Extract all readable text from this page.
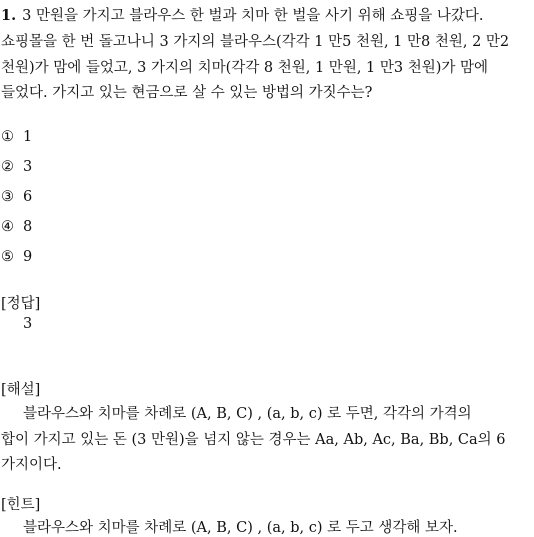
1. 3 만원을 가지고 블라우스 한 벌과 치마 한 벌을 사기 위해 쇼핑을 나갔다.
쇼핑몰을 한 번 돌고나니 3 가지의 블라우스(각각 1 만5 천원, 1 만8 천원, 2 만2
천원)가 맘에 들었고, 3 가지의 치마(각각 8 천원, 1 만원, 1 만3 천원)가 맘에
들었다. 가지고 있는 현금으로 살 수 있는 방법의 가짓수는?
① 1
② 3
③ 6
④ 8
⑤ 9
[정답]
3
[해설]
블라우스와 치마를 차례로 (A, B, C) , (a, b, c) 로 두면, 각각의 가격의
합이 가지고 있는 돈 (3 만원)을 넘지 않는 경우는 Aa, Ab, Ac, Ba, Bb, Ca의 6
가지이다.
[힌트]
블라우스와 치마를 차례로 (A, B, C) , (a, b, c) 로 두고 생각해 보자.
